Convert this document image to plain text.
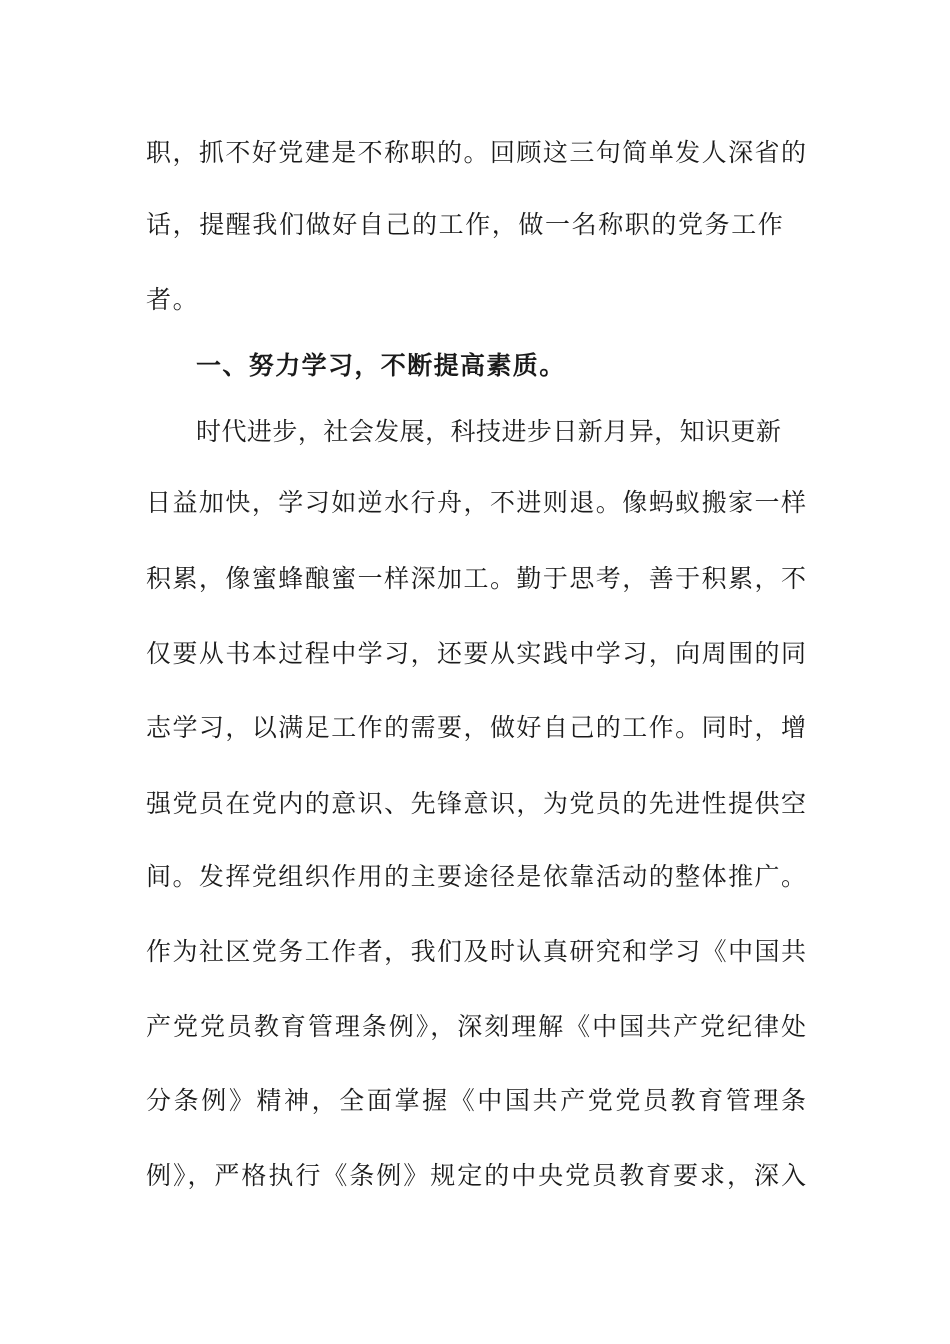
职，抓不好党建是不称职的。回顾这三句简单发人深省的
话，提醒我们做好自己的工作，做一名称职的党务工作
者。
一、努力学习，不断提高素质。
时代进步，社会发展，科技进步日新月异，知识更新
日益加快，学习如逆水行舟，不进则退。像蚂蚁搬家一样
积累，像蜜蜂酿蜜一样深加工。勤于思考，善于积累，不
仅要从书本过程中学习，还要从实践中学习，向周围的同
志学习，以满足工作的需要，做好自己的工作。同时，增
强党员在党内的意识、先锋意识，为党员的先进性提供空
间。发挥党组织作用的主要途径是依靠活动的整体推广。
作为社区党务工作者，我们及时认真研究和学习《中国共
产党党员教育管理条例》，深刻理解《中国共产党纪律处
分条例》精神，全面掌握《中国共产党党员教育管理条
例》，严格执行《条例》规定的中央党员教育要求，深入
